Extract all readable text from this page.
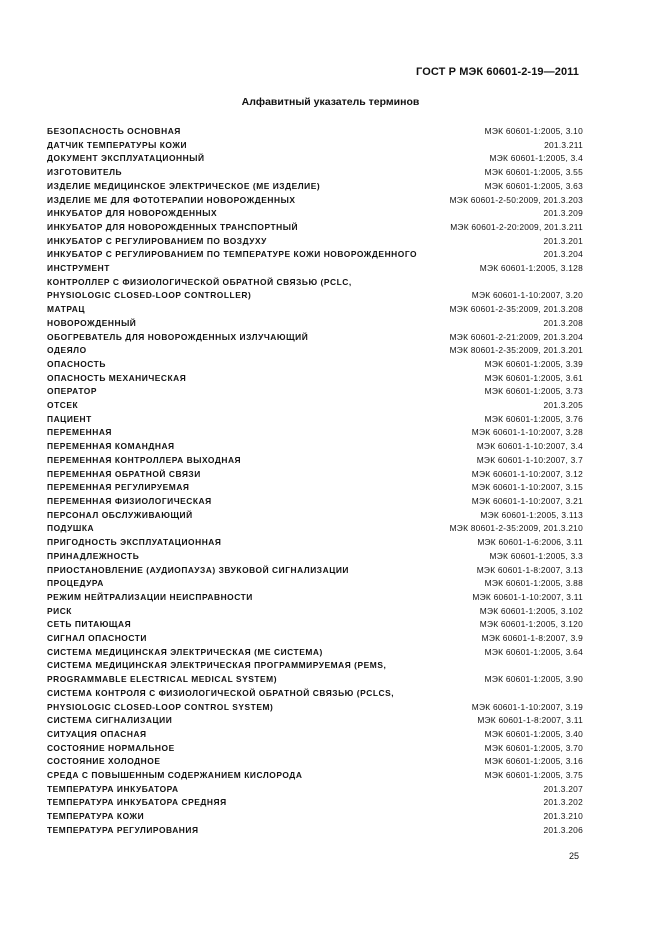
ГОСТ Р МЭК 60601-2-19—2011
Алфавитный указатель терминов
БЕЗОПАСНОСТЬ ОСНОВНАЯ	МЭК 60601-1:2005, 3.10
ДАТЧИК ТЕМПЕРАТУРЫ КОЖИ	201.3.211
ДОКУМЕНТ ЭКСПЛУАТАЦИОННЫЙ	МЭК 60601-1:2005, 3.4
ИЗГОТОВИТЕЛЬ	МЭК 60601-1:2005, 3.55
ИЗДЕЛИЕ МЕДИЦИНСКОЕ ЭЛЕКТРИЧЕСКОЕ (МЕ ИЗДЕЛИЕ)	МЭК 60601-1:2005, 3.63
ИЗДЕЛИЕ МЕ ДЛЯ ФОТОТЕРАПИИ НОВОРОЖДЕННЫХ	МЭК 60601-2-50:2009, 201.3.203
ИНКУБАТОР ДЛЯ НОВОРОЖДЕННЫХ	201.3.209
ИНКУБАТОР ДЛЯ НОВОРОЖДЕННЫХ ТРАНСПОРТНЫЙ	МЭК 60601-2-20:2009, 201.3.211
ИНКУБАТОР С РЕГУЛИРОВАНИЕМ ПО ВОЗДУХУ	201.3.201
ИНКУБАТОР С РЕГУЛИРОВАНИЕМ ПО ТЕМПЕРАТУРЕ КОЖИ НОВОРОЖДЕННОГО	201.3.204
ИНСТРУМЕНТ	МЭК 60601-1:2005, 3.128
КОНТРОЛЛЕР С ФИЗИОЛОГИЧЕСКОЙ ОБРАТНОЙ СВЯЗЬЮ (PCLC,
PHYSIOLOGIC CLOSED-LOOP CONTROLLER)	МЭК 60601-1-10:2007, 3.20
МАТРАЦ	МЭК 60601-2-35:2009, 201.3.208
НОВОРОЖДЕННЫЙ	201.3.208
ОБОГРЕВАТЕЛЬ ДЛЯ НОВОРОЖДЕННЫХ ИЗЛУЧАЮЩИЙ	МЭК 60601-2-21:2009, 201.3.204
ОДЕЯЛО	МЭК 80601-2-35:2009, 201.3.201
ОПАСНОСТЬ	МЭК 60601-1:2005, 3.39
ОПАСНОСТЬ МЕХАНИЧЕСКАЯ	МЭК 60601-1:2005, 3.61
ОПЕРАТОР	МЭК 60601-1:2005, 3.73
ОТСЕК	201.3.205
ПАЦИЕНТ	МЭК 60601-1:2005, 3.76
ПЕРЕМЕННАЯ	МЭК 60601-1-10:2007, 3.28
ПЕРЕМЕННАЯ КОМАНДНАЯ	МЭК 60601-1-10:2007, 3.4
ПЕРЕМЕННАЯ КОНТРОЛЛЕРА ВЫХОДНАЯ	МЭК 60601-1-10:2007, 3.7
ПЕРЕМЕННАЯ ОБРАТНОЙ СВЯЗИ	МЭК 60601-1-10:2007, 3.12
ПЕРЕМЕННАЯ РЕГУЛИРУЕМАЯ	МЭК 60601-1-10:2007, 3.15
ПЕРЕМЕННАЯ ФИЗИОЛОГИЧЕСКАЯ	МЭК 60601-1-10:2007, 3.21
ПЕРСОНАЛ ОБСЛУЖИВАЮЩИЙ	МЭК 60601-1:2005, 3.113
ПОДУШКА	МЭК 80601-2-35:2009, 201.3.210
ПРИГОДНОСТЬ ЭКСПЛУАТАЦИОННАЯ	МЭК 60601-1-6:2006, 3.11
ПРИНАДЛЕЖНОСТЬ	МЭК 60601-1:2005, 3.3
ПРИОСТАНОВЛЕНИЕ (АУДИОПАУЗА) ЗВУКОВОЙ СИГНАЛИЗАЦИИ	МЭК 60601-1-8:2007, 3.13
ПРОЦЕДУРА	МЭК 60601-1:2005, 3.88
РЕЖИМ НЕЙТРАЛИЗАЦИИ НЕИСПРАВНОСТИ	МЭК 60601-1-10:2007, 3.11
РИСК	МЭК 60601-1:2005, 3.102
СЕТЬ ПИТАЮЩАЯ	МЭК 60601-1:2005, 3.120
СИГНАЛ ОПАСНОСТИ	МЭК 60601-1-8:2007, 3.9
СИСТЕМА МЕДИЦИНСКАЯ ЭЛЕКТРИЧЕСКАЯ (МЕ СИСТЕМА)	МЭК 60601-1:2005, 3.64
СИСТЕМА МЕДИЦИНСКАЯ ЭЛЕКТРИЧЕСКАЯ ПРОГРАММИРУЕМАЯ (PEMS,
PROGRAMMABLE ELECTRICAL MEDICAL SYSTEM)	МЭК 60601-1:2005, 3.90
СИСТЕМА КОНТРОЛЯ С ФИЗИОЛОГИЧЕСКОЙ ОБРАТНОЙ СВЯЗЬЮ (PCLCS,
PHYSIOLOGIC CLOSED-LOOP CONTROL SYSTEM)	МЭК 60601-1-10:2007, 3.19
СИСТЕМА СИГНАЛИЗАЦИИ	МЭК 60601-1-8:2007, 3.11
СИТУАЦИЯ ОПАСНАЯ	МЭК 60601-1:2005, 3.40
СОСТОЯНИЕ НОРМАЛЬНОЕ	МЭК 60601-1:2005, 3.70
СОСТОЯНИЕ ХОЛОДНОЕ	МЭК 60601-1:2005, 3.16
СРЕДА С ПОВЫШЕННЫМ СОДЕРЖАНИЕМ КИСЛОРОДА	МЭК 60601-1:2005, 3.75
ТЕМПЕРАТУРА ИНКУБАТОРА	201.3.207
ТЕМПЕРАТУРА ИНКУБАТОРА СРЕДНЯЯ	201.3.202
ТЕМПЕРАТУРА КОЖИ	201.3.210
ТЕМПЕРАТУРА РЕГУЛИРОВАНИЯ	201.3.206
25
